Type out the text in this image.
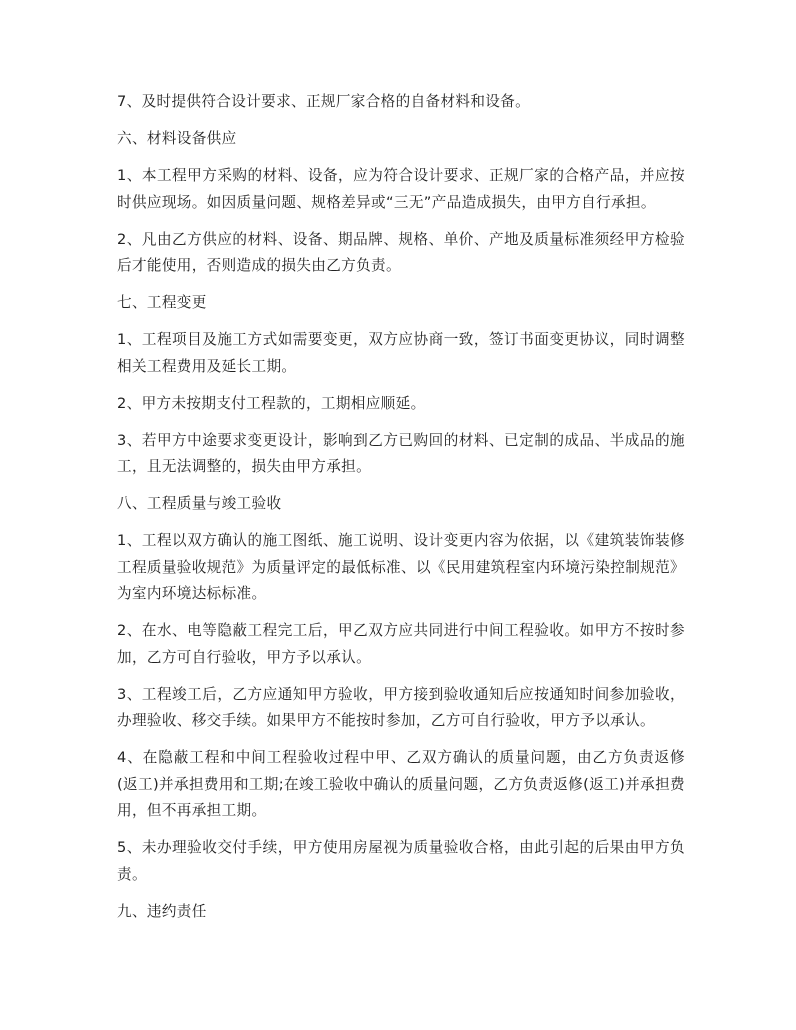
7、及时提供符合设计要求、正规厂家合格的自备材料和设备。

六、材料设备供应

1、本工程甲方采购的材料、设备，应为符合设计要求、正规厂家的合格产品，并应按时供应现场。如因质量问题、规格差异或“三无”产品造成损失，由甲方自行承担。

2、凡由乙方供应的材料、设备、期品牌、规格、单价、产地及质量标准须经甲方检验后才能使用，否则造成的损失由乙方负责。

七、工程变更

1、工程项目及施工方式如需要变更，双方应协商一致，签订书面变更协议，同时调整相关工程费用及延长工期。

2、甲方未按期支付工程款的，工期相应顺延。

3、若甲方中途要求变更设计，影响到乙方已购回的材料、已定制的成品、半成品的施工，且无法调整的，损失由甲方承担。

八、工程质量与竣工验收

1、工程以双方确认的施工图纸、施工说明、设计变更内容为依据，以《建筑装饰装修工程质量验收规范》为质量评定的最低标准、以《民用建筑程室内环境污染控制规范》为室内环境达标标准。

2、在水、电等隐蔽工程完工后，甲乙双方应共同进行中间工程验收。如甲方不按时参加，乙方可自行验收，甲方予以承认。

3、工程竣工后，乙方应通知甲方验收，甲方接到验收通知后应按通知时间参加验收，办理验收、移交手续。如果甲方不能按时参加，乙方可自行验收，甲方予以承认。

4、在隐蔽工程和中间工程验收过程中甲、乙双方确认的质量问题，由乙方负责返修(返工)并承担费用和工期;在竣工验收中确认的质量问题，乙方负责返修(返工)并承担费用，但不再承担工期。

5、未办理验收交付手续，甲方使用房屋视为质量验收合格，由此引起的后果由甲方负责。

九、违约责任
